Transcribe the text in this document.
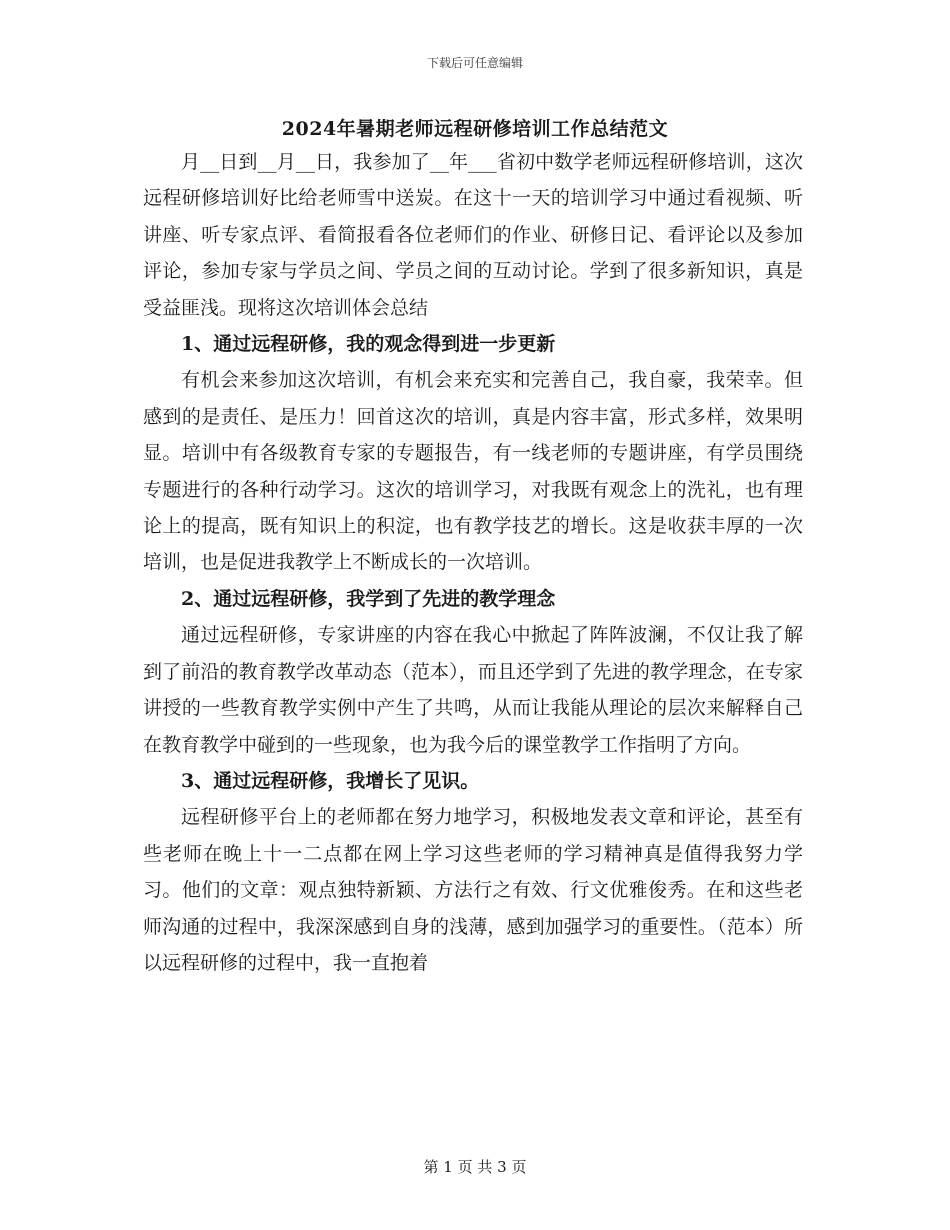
下载后可任意编辑
2024年暑期老师远程研修培训工作总结范文

月__日到__月__日，我参加了__年___省初中数学老师远程研修培训，这次远程研修培训好比给老师雪中送炭。在这十一天的培训学习中通过看视频、听讲座、听专家点评、看简报看各位老师们的作业、研修日记、看评论以及参加评论，参加专家与学员之间、学员之间的互动讨论。学到了很多新知识，真是受益匪浅。现将这次培训体会总结

1、通过远程研修，我的观念得到进一步更新

有机会来参加这次培训，有机会来充实和完善自己，我自豪，我荣幸。但感到的是责任、是压力！回首这次的培训，真是内容丰富，形式多样，效果明显。培训中有各级教育专家的专题报告，有一线老师的专题讲座，有学员围绕专题进行的各种行动学习。这次的培训学习，对我既有观念上的洗礼，也有理论上的提高，既有知识上的积淀，也有教学技艺的增长。这是收获丰厚的一次培训，也是促进我教学上不断成长的一次培训。

2、通过远程研修，我学到了先进的教学理念

通过远程研修，专家讲座的内容在我心中掀起了阵阵波澜，不仅让我了解到了前沿的教育教学改革动态（范本），而且还学到了先进的教学理念，在专家讲授的一些教育教学实例中产生了共鸣，从而让我能从理论的层次来解释自己在教育教学中碰到的一些现象，也为我今后的课堂教学工作指明了方向。

3、通过远程研修，我增长了见识。

远程研修平台上的老师都在努力地学习，积极地发表文章和评论，甚至有些老师在晚上十一二点都在网上学习这些老师的学习精神真是值得我努力学习。他们的文章：观点独特新颖、方法行之有效、行文优雅俊秀。在和这些老师沟通的过程中，我深深感到自身的浅薄，感到加强学习的重要性。（范本）所以远程研修的过程中，我一直抱着

第 1 页 共 3 页
